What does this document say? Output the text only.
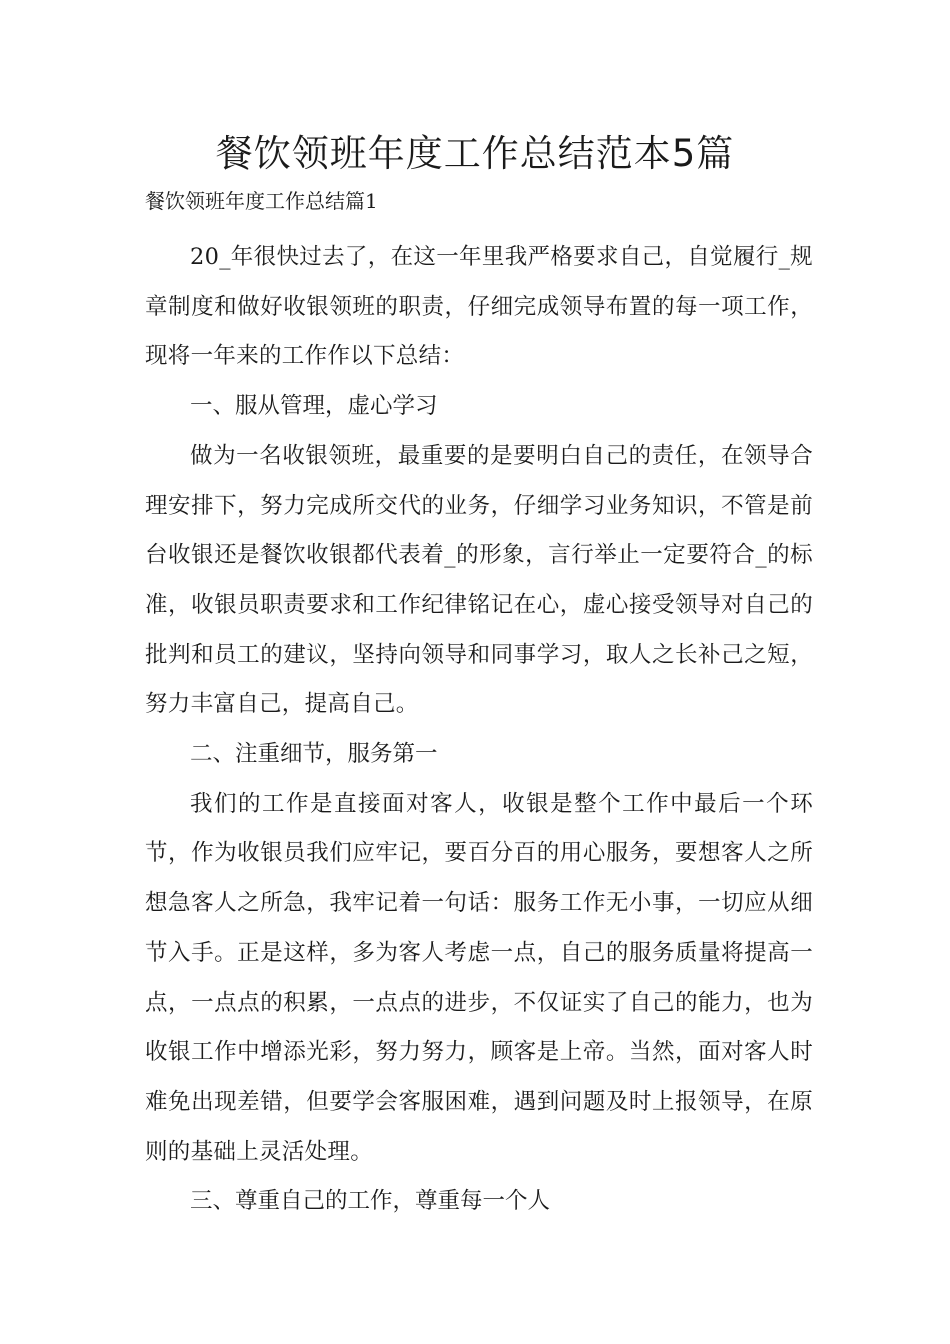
餐饮领班年度工作总结范本5篇

餐饮领班年度工作总结篇1

20_年很快过去了，在这一年里我严格要求自己，自觉履行_规章制度和做好收银领班的职责，仔细完成领导布置的每一项工作，现将一年来的工作作以下总结：

一、服从管理，虚心学习

做为一名收银领班，最重要的是要明白自己的责任，在领导合理安排下，努力完成所交代的业务，仔细学习业务知识，不管是前台收银还是餐饮收银都代表着_的形象，言行举止一定要符合_的标准，收银员职责要求和工作纪律铭记在心，虚心接受领导对自己的批判和员工的建议，坚持向领导和同事学习，取人之长补己之短，努力丰富自己，提高自己。

二、注重细节，服务第一

我们的工作是直接面对客人，收银是整个工作中最后一个环节，作为收银员我们应牢记，要百分百的用心服务，要想客人之所想急客人之所急，我牢记着一句话：服务工作无小事，一切应从细节入手。正是这样，多为客人考虑一点，自己的服务质量将提高一点，一点点的积累，一点点的进步，不仅证实了自己的能力，也为收银工作中增添光彩，努力努力，顾客是上帝。当然，面对客人时难免出现差错，但要学会客服困难，遇到问题及时上报领导，在原则的基础上灵活处理。

三、尊重自己的工作，尊重每一个人
